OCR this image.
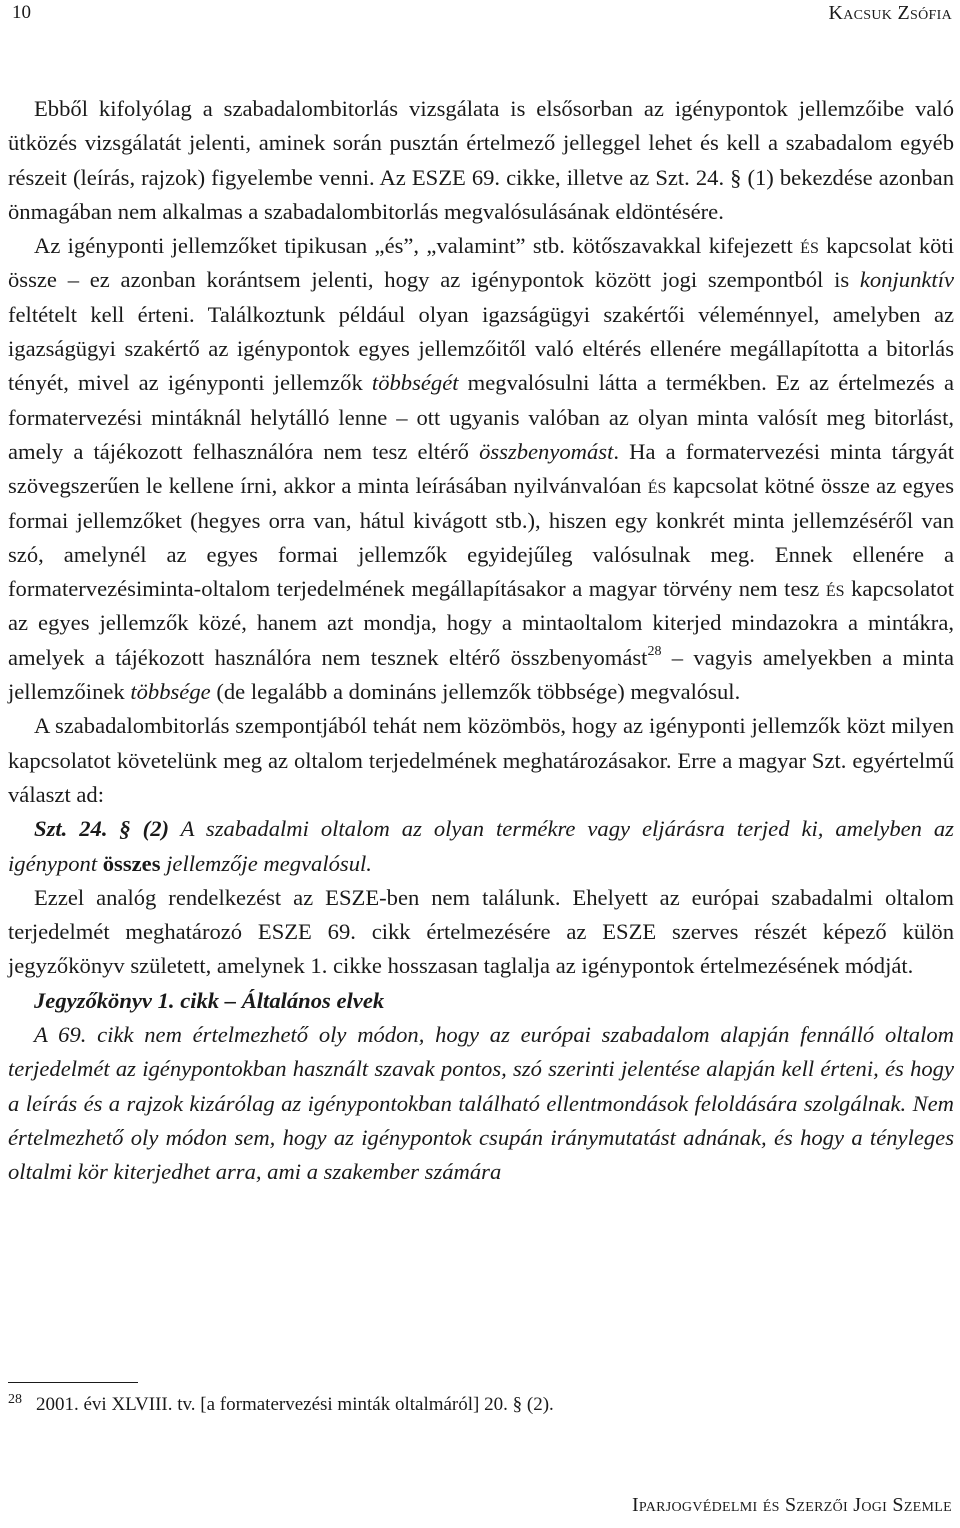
10	Kacsuk Zsófia

Ebből kifolyólag a szabadalombitorlás vizsgálata is elsősorban az igénypontok jellemzőibe való ütközés vizsgálatát jelenti, aminek során pusztán értelmező jelleggel lehet és kell a szabadalom egyéb részeit (leírás, rajzok) figyelembe venni. Az ESZE 69. cikke, illetve az Szt. 24. § (1) bekezdése azonban önmagában nem alkalmas a szabadalombitorlás megvalósulásának eldöntésére.

Az igényponti jellemzőket tipikusan „és”, „valamint” stb. kötőszavakkal kifejezett és kapcsolat köti össze – ez azonban korántsem jelenti, hogy az igénypontok között jogi szempontból is konjunktív feltételt kell érteni. Találkoztunk például olyan igazságügyi szakértői véleménnyel, amelyben az igazságügyi szakértő az igénypontok egyes jellemzőitől való eltérés ellenére megállapította a bitorlás tényét, mivel az igényponti jellemzők többségét megvalósulni látta a termékben. Ez az értelmezés a formatervezési mintáknál helytálló lenne – ott ugyanis valóban az olyan minta valósít meg bitorlást, amely a tájékozott felhasználóra nem tesz eltérő összbenyomást. Ha a formatervezési minta tárgyát szövegszerűen le kellene írni, akkor a minta leírásában nyilvánvalóan és kapcsolat kötné össze az egyes formai jellemzőket (hegyes orra van, hátul kivágott stb.), hiszen egy konkrét minta jellemzéséről van szó, amelynél az egyes formai jellemzők egyidejűleg valósulnak meg. Ennek ellenére a formatervezésiminta-oltalom terjedelmének megállapításakor a magyar törvény nem tesz és kapcsolatot az egyes jellemzők közé, hanem azt mondja, hogy a mintaoltalom kiterjed mindazokra a mintákra, amelyek a tájékozott használóra nem tesznek eltérő összbenyomást$^{28}$ – vagyis amelyekben a minta jellemzőinek többsége (de legalább a domináns jellemzők többsége) megvalósul.

A szabadalombitorlás szempontjából tehát nem közömbös, hogy az igényponti jellemzők közt milyen kapcsolatot követelünk meg az oltalom terjedelmének meghatározásakor. Erre a magyar Szt. egyértelmű választ ad:

Szt. 24. § (2) A szabadalmi oltalom az olyan termékre vagy eljárásra terjed ki, amelyben az igénypont összes jellemzője megvalósul.

Ezzel analóg rendelkezést az ESZE-ben nem találunk. Ehelyett az európai szabadalmi oltalom terjedelmét meghatározó ESZE 69. cikk értelmezésére az ESZE szerves részét képező külön jegyzőkönyv született, amelynek 1. cikke hosszasan taglalja az igénypontok értelmezésének módját.

Jegyzőkönyv 1. cikk – Általános elvek

A 69. cikk nem értelmezhető oly módon, hogy az európai szabadalom alapján fennálló oltalom terjedelmét az igénypontokban használt szavak pontos, szó szerinti jelentése alapján kell érteni, és hogy a leírás és a rajzok kizárólag az igénypontokban található ellentmondások feloldására szolgálnak. Nem értelmezhető oly módon sem, hogy az igénypontok csupán iránymutatást adnának, és hogy a tényleges oltalmi kör kiterjedhet arra, ami a szakember számára

$^{28}$ 2001. évi XLVIII. tv. [a formatervezési minták oltalmáról] 20. § (2).
Iparjogvédelmi és Szerzői Jogi Szemle
